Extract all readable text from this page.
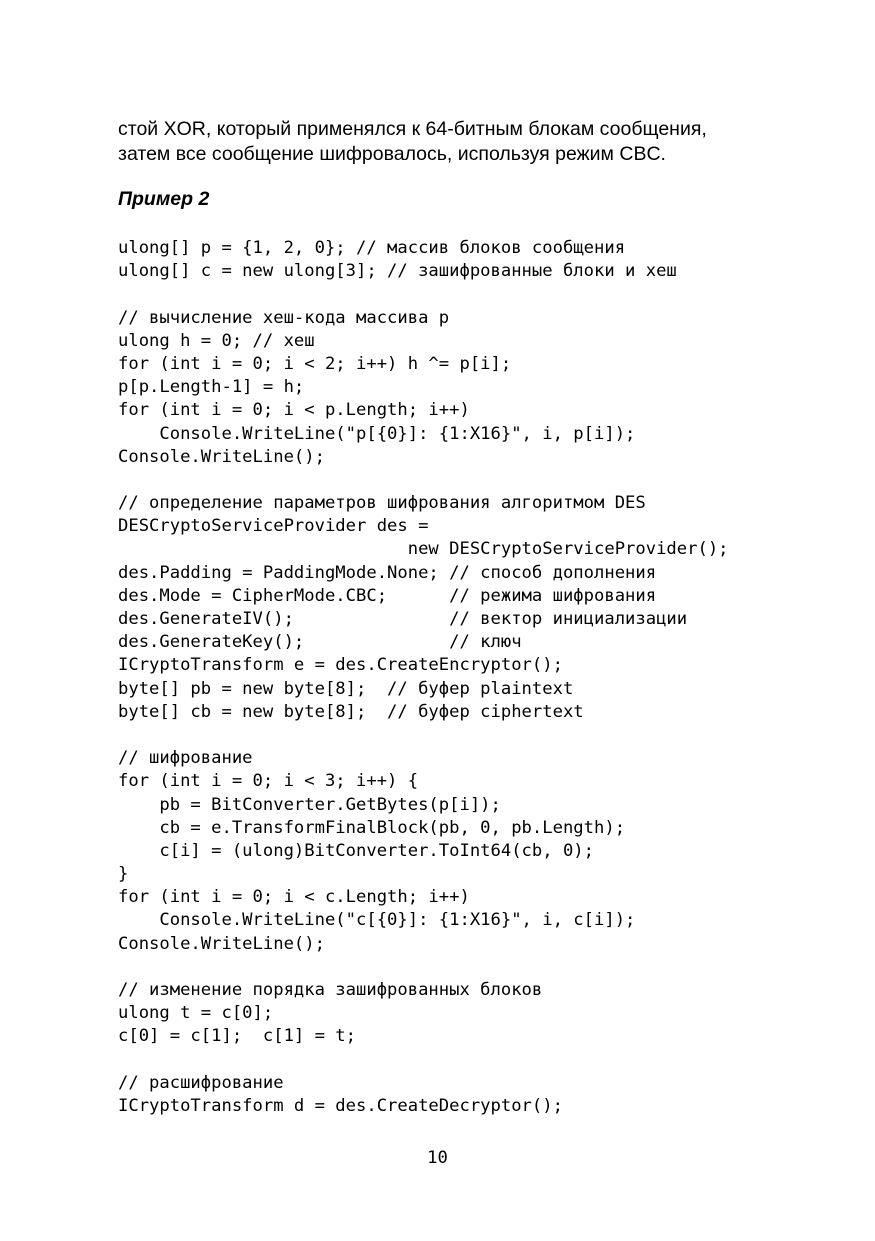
стой XOR, который применялся к 64-битным блокам сообщения,
затем все сообщение шифровалось, используя режим CBC.

Пример 2
ulong[] p = {1, 2, 0}; // массив блоков сообщения
ulong[] c = new ulong[3]; // зашифрованные блоки и хеш
// вычисление хеш-кода массива p
ulong h = 0; // хеш
for (int i = 0; i < 2; i++) h ^= p[i];
p[p.Length-1] = h;
for (int i = 0; i < p.Length; i++)
Console.WriteLine("p[{0}]: {1:X16}", i, p[i]);
Console.WriteLine();
// определение параметров шифрования алгоритмом DES
DESCryptoServiceProvider des =
new DESCryptoServiceProvider();
des.Padding = PaddingMode.None; // способ дополнения
des.Mode = CipherMode.CBC;      // режима шифрования
des.GenerateIV();               // вектор инициализации
des.GenerateKey();              // ключ
ICryptoTransform e = des.CreateEncryptor();
byte[] pb = new byte[8];  // буфер plaintext
byte[] cb = new byte[8];  // буфер ciphertext
// шифрование
for (int i = 0; i < 3; i++) {
pb = BitConverter.GetBytes(p[i]);
cb = e.TransformFinalBlock(pb, 0, pb.Length);
c[i] = (ulong)BitConverter.ToInt64(cb, 0);
}
for (int i = 0; i < c.Length; i++)
Console.WriteLine("c[{0}]: {1:X16}", i, c[i]);
Console.WriteLine();
// изменение порядка зашифрованных блоков
ulong t = c[0];
c[0] = c[1];  c[1] = t;
// расшифрование
ICryptoTransform d = des.CreateDecryptor();
10
